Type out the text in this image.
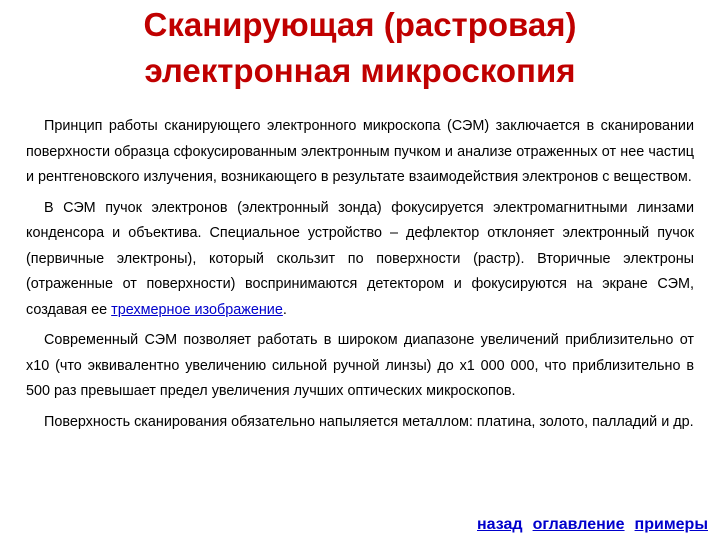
Сканирующая (растровая)
электронная микроскопия

Принцип работы сканирующего электронного микроскопа (СЭМ) заключается в сканировании поверхности образца сфокусированным электронным пучком и анализе отраженных от нее частиц и рентгеновского излучения, возникающего в результате взаимодействия электронов с веществом.

В СЭМ пучок электронов (электронный зонда) фокусируется электромагнитными линзами конденсора и объектива. Специальное устройство – дефлектор отклоняет электронный пучок (первичные электроны), который скользит по поверхности (растр). Вторичные электроны (отраженные от поверхности) воспринимаются детектором и фокусируются на экране СЭМ, создавая ее трехмерное изображение.

Современный СЭМ позволяет работать в широком диапазоне увеличений приблизительно от х10 (что эквивалентно увеличению сильной ручной линзы) до х1 000 000, что приблизительно в 500 раз превышает предел увеличения лучших оптических микроскопов.

Поверхность сканирования обязательно напыляется металлом: платина, золото, палладий и др.

назад оглавление примеры
